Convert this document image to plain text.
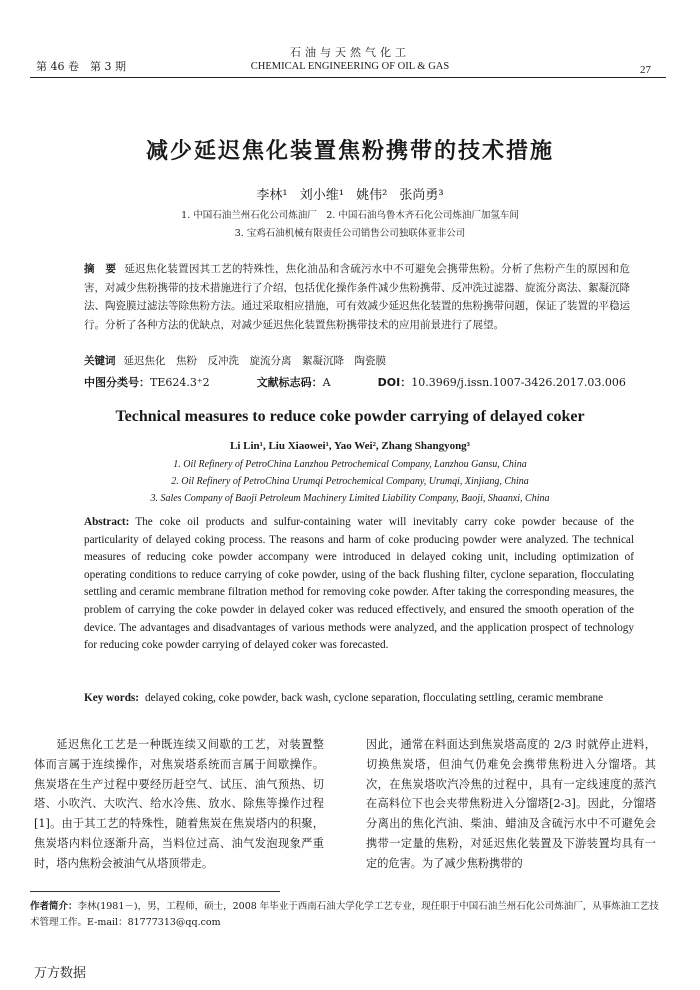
石油与天然气化工
第 46 卷　第 3 期	CHEMICAL ENGINEERING OF OIL & GAS	27
减少延迟焦化装置焦粉携带的技术措施
李林¹ 刘小维¹ 姚伟² 张尚勇³
1. 中国石油兰州石化公司炼油厂　2. 中国石油乌鲁木齐石化公司炼油厂加氢车间
3. 宝鸡石油机械有限责任公司销售公司独联体亚非公司
摘　要 延迟焦化装置因其工艺的特殊性，焦化油品和含硫污水中不可避免会携带焦粉。分析了焦粉产生的原因和危害，对减少焦粉携带的技术措施进行了介绍，包括优化操作条件减少焦粉携带、反冲洗过滤器、旋流分离法、絮凝沉降法、陶瓷膜过滤法等除焦粉方法。通过采取相应措施，可有效减少延迟焦化装置的焦粉携带问题，保证了装置的平稳运行。分析了各种方法的优缺点，对减少延迟焦化装置焦粉携带技术的应用前景进行了展望。
关键词 延迟焦化　焦粉　反冲洗　旋流分离　絮凝沉降　陶瓷膜
中图分类号：TE624.3⁺2	文献标志码：A	DOI：10.3969/j.issn.1007-3426.2017.03.006
Technical measures to reduce coke powder carrying of delayed coker
Li Lin¹, Liu Xiaowei¹, Yao Wei², Zhang Shangyong³
1. Oil Refinery of PetroChina Lanzhou Petrochemical Company, Lanzhou Gansu, China
2. Oil Refinery of PetroChina Urumqi Petrochemical Company, Urumqi, Xinjiang, China
3. Sales Company of Baoji Petroleum Machinery Limited Liability Company, Baoji, Shaanxi, China
Abstract: The coke oil products and sulfur-containing water will inevitably carry coke powder because of the particularity of delayed coking process. The reasons and harm of coke producing powder were analyzed. The technical measures of reducing coke powder accompany were introduced in delayed coking unit, including optimization of operating conditions to reduce carrying of coke powder, using of the back flushing filter, cyclone separation, flocculating settling and ceramic membrane filtration method for removing coke powder. After taking the corresponding measures, the problem of carrying the coke powder in delayed coker was reduced effectively, and ensured the smooth operation of the device. The advantages and disadvantages of various methods were analyzed, and the application prospect of technology for reducing coke powder carrying of delayed coker was forecasted.
Key words: delayed coking, coke powder, back wash, cyclone separation, flocculating settling, ceramic membrane
延迟焦化工艺是一种既连续又间歇的工艺，对装置整体而言属于连续操作，对焦炭塔系统而言属于间歇操作。焦炭塔在生产过程中要经历赶空气、试压、油气预热、切塔、小吹汽、大吹汽、给水冷焦、放水、除焦等操作过程[1]。由于其工艺的特殊性，随着焦炭在焦炭塔内的积聚，焦炭塔内料位逐渐升高，当料位过高、油气发泡现象严重时，塔内焦粉会被油气从塔顶带走。
因此，通常在料面达到焦炭塔高度的 2/3 时就停止进料，切换焦炭塔，但油气仍难免会携带焦粉进入分馏塔。其次，在焦炭塔吹汽冷焦的过程中，具有一定线速度的蒸汽在高料位下也会夹带焦粉进入分馏塔[2-3]。因此，分馏塔分离出的焦化汽油、柴油、蜡油及含硫污水中不可避免会携带一定量的焦粉，对延迟焦化装置及下游装置均具有一定的危害。为了减少焦粉携带的
作者简介：李林(1981－)，男，工程师，硕士，2008 年毕业于西南石油大学化学工艺专业，现任职于中国石油兰州石化公司炼油厂，从事炼油工艺技术管理工作。E-mail：81777313@qq.com
万方数据
